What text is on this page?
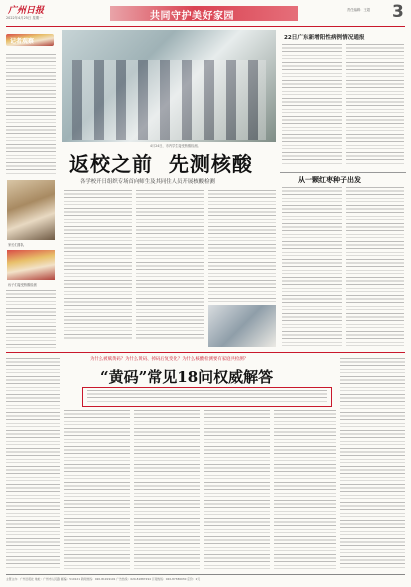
广州日报
2022年4月25日 星期一	共同守护美好家园
责任编辑：王超	3
记者观察
家长们排队
孩子们接受核酸检测
4月24日，市内学生接受核酸检测。
22日广东新增阳性病例情况通报
返校之前  先测核酸
各学校开日组织专场首向师生及其同住人员开展核酸检测	从一颗红枣种子出发
为什么被赋黄码？为什么黄码、掉码后复变化？为什么核酸检测要有家庭共检测？
“黄码”常见18问权威解答
主管主办：广州日报社 地址：广州市人民路 邮编：510121 新闻热线：020-81919191 广告热线：020-81887294 订阅热线：020-87386030 定价：2元
